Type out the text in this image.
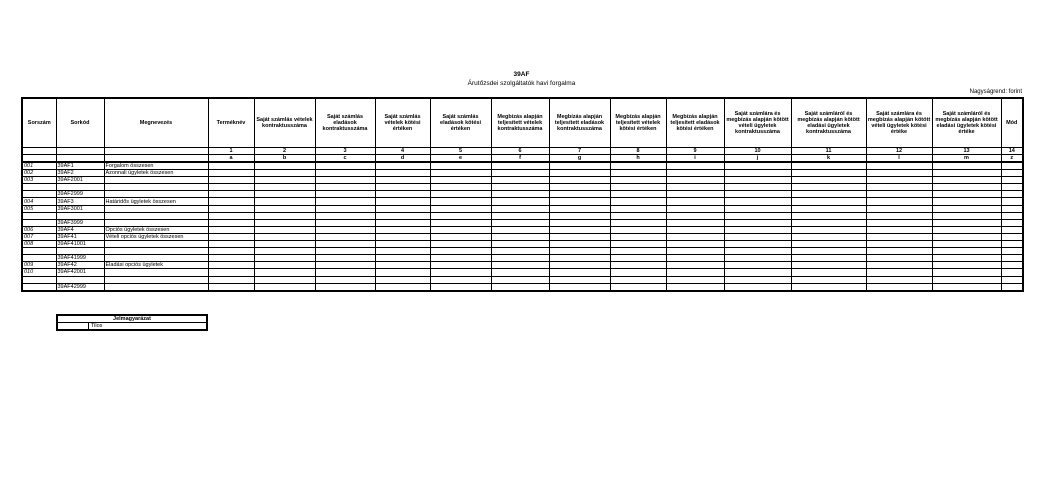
39AF
Árutőzsdei szolgáltatók havi forgalma
Nagyságrend: forint
Sorszám	Sorkód	Megnevezés	Terméknév	Saját számlás vételek kontraktusszáma	Saját számlás eladások kontraktusszáma	Saját számlás vételek kötési értéken	Saját számlás eladások kötési értéken	Megbízás alapján teljesített vételek kontraktusszáma	Megbízás alapján teljesített eladások kontraktusszáma	Megbízás alapján teljesített vételek kötési értéken	Megbízás alapján teljesített eladások kötési értéken	Saját számlára és megbízás alapján kötött vételi ügyletek kontraktusszáma	Saját számláról és megbízás alapján kötött eladási ügyletek kontraktusszáma	Saját számlára és megbízás alapján kötött vételi ügyletek kötési értéke	Saját számláról és megbízás alapján kötött eladási ügyletek kötési értéke	Mód
			1	2	3	4	5	6	7	8	9	10	11	12	13	14
			a	b	c	d	e	f	g	h	i	j	k	l	m	z
001	39AF1	Forgalom összesen														
002	39AF2	Azonnali ügyletek összesen														
003	39AF2001															

	39AF2999															
004	39AF3	Határidős ügyletek összesen														
005	39AF3001															

	39AF3999															
006	39AF4	Opciós ügyletek összesen														
007	39AF41	Vételi opciós ügyletek összesen														
008	39AF41001															

	39AF41999															
009	39AF42	Eladási opciós ügyletek														
010	39AF42001															

	39AF42999															
Jelmagyarázat
	Tilos
